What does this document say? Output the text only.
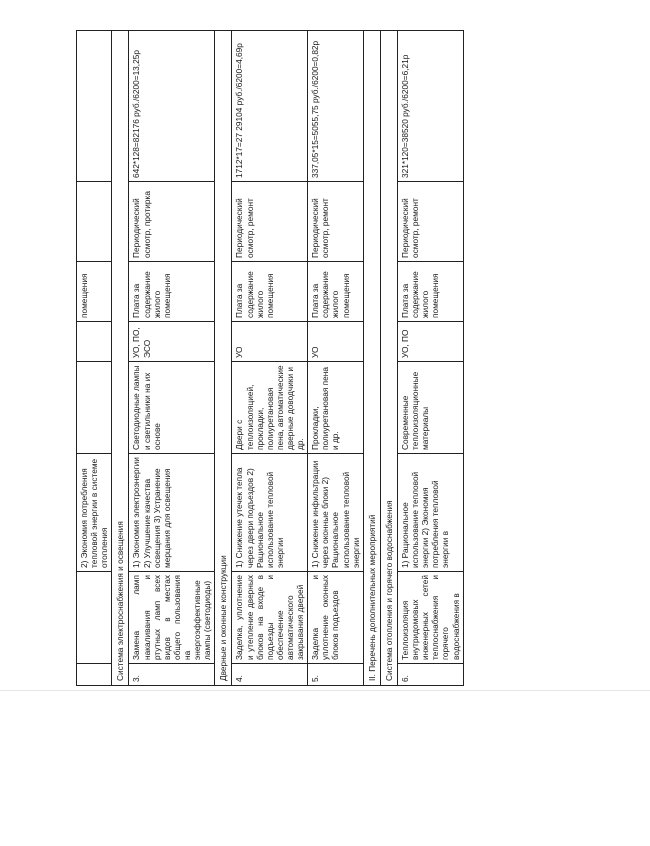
		2) Экономия потребления тепловой энергии в системе отопления			помещения		
Система электроснабжения и освещения							
3.	Замена ламп накаливания и ртутных ламп всех видов в местах общего пользования на энергоэффективные лампы (светодиоды)	1) Экономия электроэнергии 2) Улучшение качества освещения 3) Устранение мерцания для освещения	Светодиодные лампы и светильники на их основе	УО, ПО, ЭСО	Плата за содержание жилого помещения	Периодический осмотр, протирка	642*128=82176 руб./6200=13,25р
Дверные и оконные конструкции							
4.	Заделка, уплотнение и утепление дверных блоков на входе в подъезды и обеспечение автоматического закрывания дверей	1) Снижение утечек тепла через двери подъездов 2) Рациональное использование тепловой энергии	Двери с теплоизоляцией, прокладки, полиуретановая пена, автоматические дверные доводчики и др.	УО	Плата за содержание жилого помещения	Периодический осмотр, ремонт	1712*17=27 29104 руб./6200=4,69р
5.	Заделка и уплотнение оконных блоков подъездов	1) Снижение инфильтрации через оконные блоки 2) Рациональное использование тепловой энергии	Прокладки, полиуретановая пена и др.	УО	Плата за содержание жилого помещения	Периодический осмотр, ремонт	337,05*15=5055,75 руб./6200=0,82р
II. Перечень дополнительных мероприятий							
Система отопления и горячего водоснабжения							
6.	Теплоизоляция внутридомовых инженерных сетей теплоснабжения и горячего водоснабжения в	1) Рациональное использование тепловой энергии 2) Экономия потребления тепловой энергии в	Современные теплоизоляционные материалы	УО, ПО	Плата за содержание жилого помещения	Периодический осмотр, ремонт	321*120=38520 руб./6200=6,21р
